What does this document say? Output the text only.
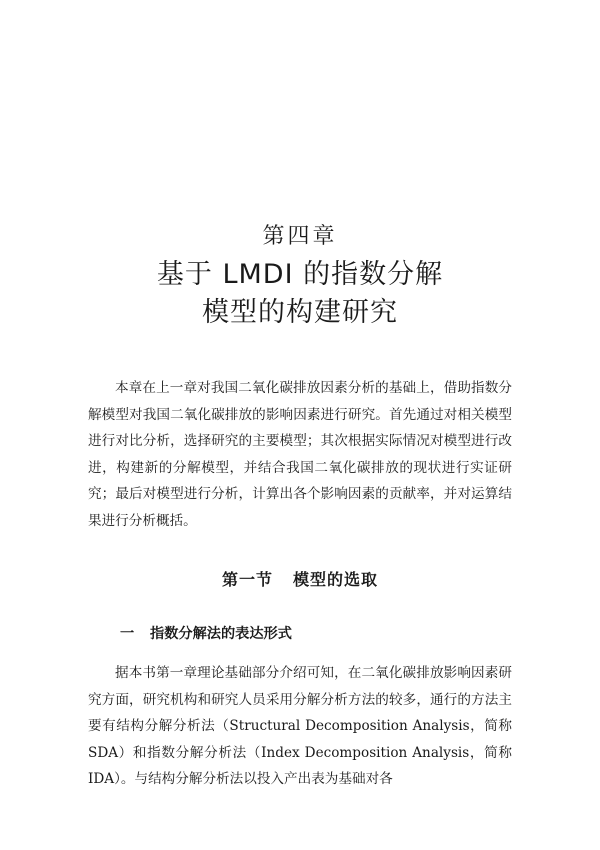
第四章
基于 LMDI 的指数分解
模型的构建研究

本章在上一章对我国二氧化碳排放因素分析的基础上，借助指数分解模型对我国二氧化碳排放的影响因素进行研究。首先通过对相关模型进行对比分析，选择研究的主要模型；其次根据实际情况对模型进行改进，构建新的分解模型，并结合我国二氧化碳排放的现状进行实证研究；最后对模型进行分析，计算出各个影响因素的贡献率，并对运算结果进行分析概括。

第一节 模型的选取
一 指数分解法的表达形式

据本书第一章理论基础部分介绍可知，在二氧化碳排放影响因素研究方面，研究机构和研究人员采用分解分析方法的较多，通行的方法主要有结构分解分析法（Structural Decomposition Analysis，简称 SDA）和指数分解分析法（Index Decomposition Analysis，简称 IDA）。与结构分解分析法以投入产出表为基础对各
